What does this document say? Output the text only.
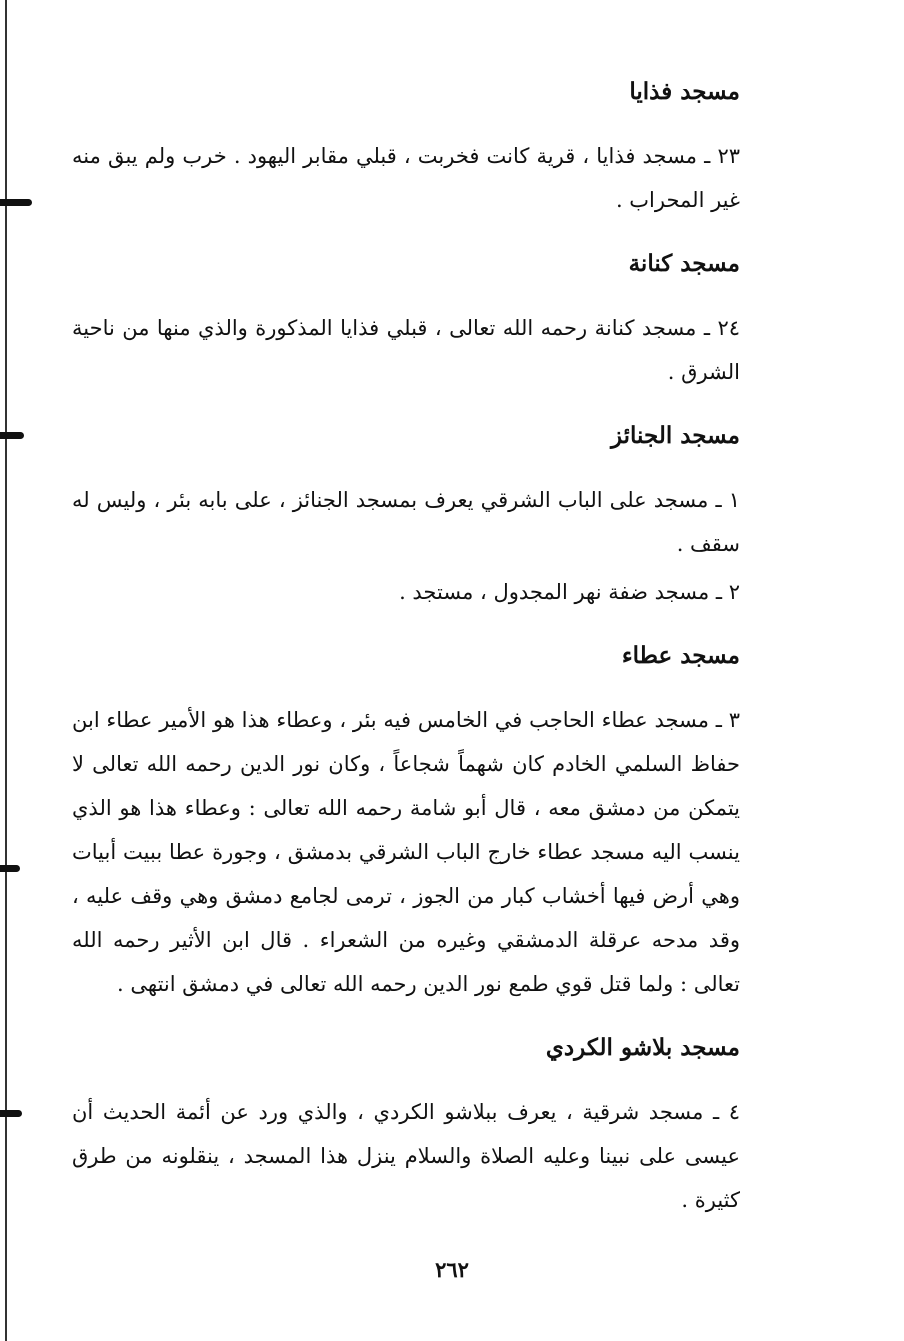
مسجد فذايا

٢٣ ـ مسجد فذايا ، قرية كانت فخربت ، قبلي مقابر اليهود . خرب ولم يبق منه غير المحراب .

مسجد كنانة

٢٤ ـ مسجد كنانة رحمه الله تعالى ، قبلي فذايا المذكورة والذي منها من ناحية الشرق .

مسجد الجنائز

١ ـ مسجد على الباب الشرقي يعرف بمسجد الجنائز ، على بابه بئر ، وليس له سقف .

٢ ـ مسجد ضفة نهر المجدول ، مستجد .

مسجد عطاء

٣ ـ مسجد عطاء الحاجب في الخامس فيه بئر ، وعطاء هذا هو الأمير عطاء ابن حفاظ السلمي الخادم كان شهماً شجاعاً ، وكان نور الدين رحمه الله تعالى لا يتمكن من دمشق معه ، قال أبو شامة رحمه الله تعالى : وعطاء هذا هو الذي ينسب اليه مسجد عطاء خارج الباب الشرقي بدمشق ، وجورة عطا ببيت أبيات وهي أرض فيها أخشاب كبار من الجوز ، ترمى لجامع دمشق وهي وقف عليه ، وقد مدحه عرقلة الدمشقي وغيره من الشعراء . قال ابن الأثير رحمه الله تعالى : ولما قتل قوي طمع نور الدين رحمه الله تعالى في دمشق انتهى .

مسجد بلاشو الكردي

٤ ـ مسجد شرقية ، يعرف ببلاشو الكردي ، والذي ورد عن أئمة الحديث أن عيسى على نبينا وعليه الصلاة والسلام ينزل هذا المسجد ، ينقلونه من طرق كثيرة .

٢٦٢
